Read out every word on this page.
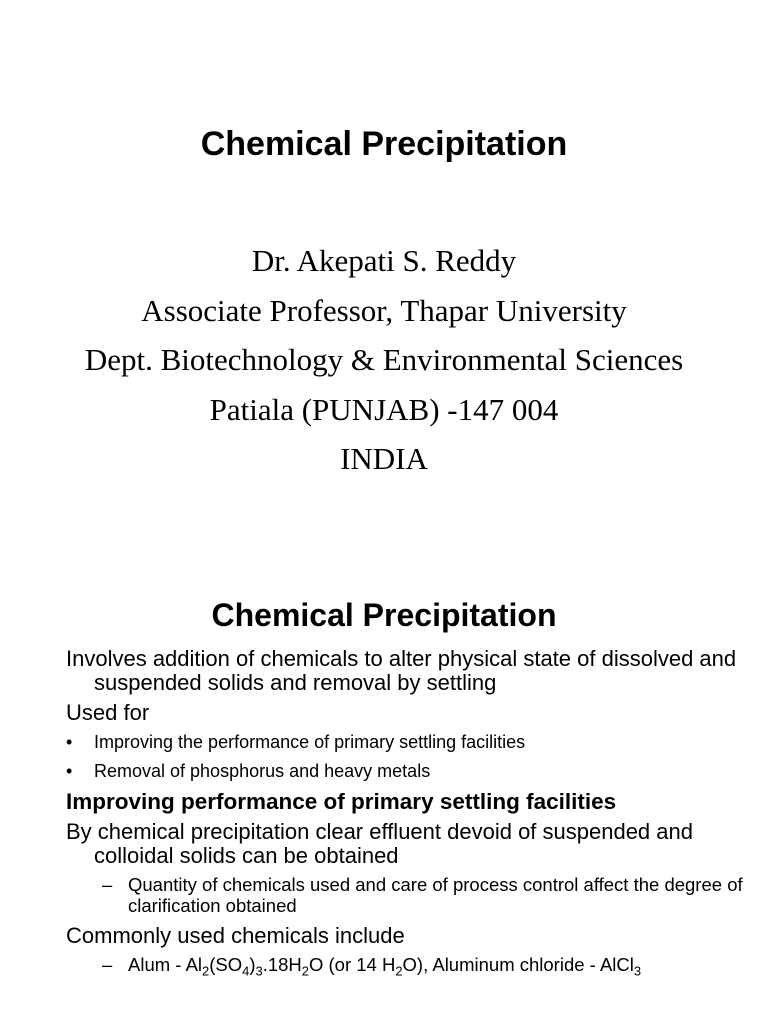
Chemical Precipitation
Dr. Akepati S. Reddy
Associate Professor, Thapar University
Dept. Biotechnology & Environmental Sciences
Patiala (PUNJAB) -147 004
INDIA
Chemical Precipitation
Involves addition of chemicals to alter physical state of dissolved and suspended solids and removal by settling
Used for
• Improving the performance of primary settling facilities
• Removal of phosphorus and heavy metals
Improving performance of primary settling facilities
By chemical precipitation clear effluent devoid of suspended and colloidal solids can be obtained
– Quantity of chemicals used and care of process control affect the degree of clarification obtained
Commonly used chemicals include
– Alum - $Al_2(SO_4)_3.18H_2O$ (or 14 $H_2O$), Aluminum chloride - AlCl$_3$
